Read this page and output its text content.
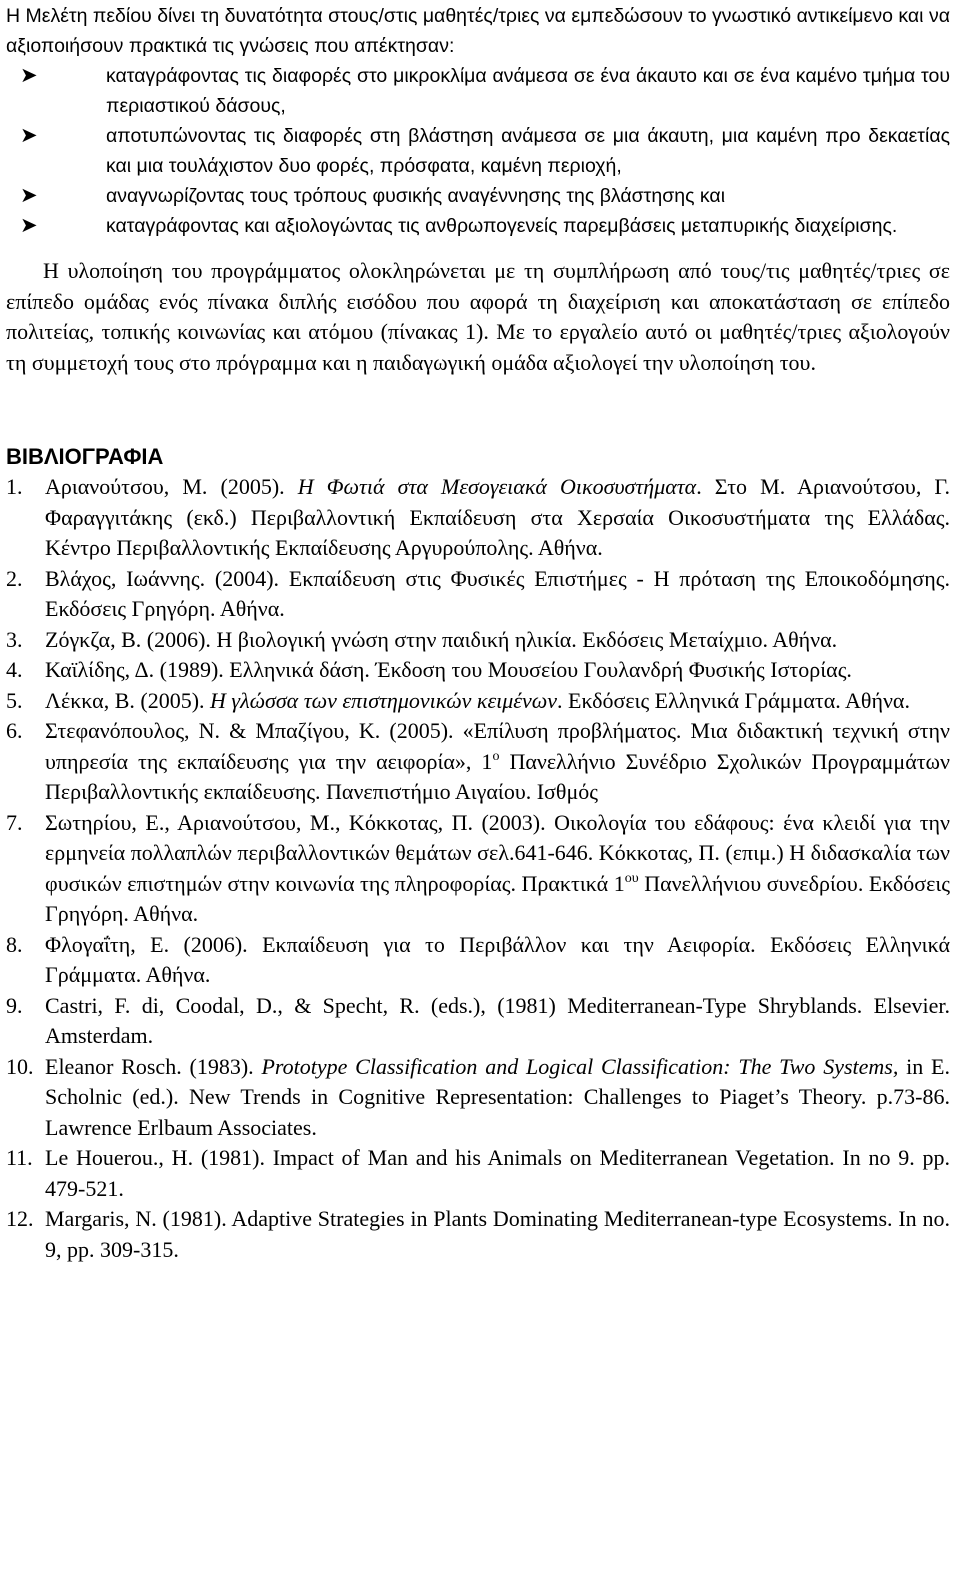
Η Μελέτη πεδίου δίνει τη δυνατότητα στους/στις μαθητές/τριες να εμπεδώσουν το γνωστικό αντικείμενο και να αξιοποιήσουν πρακτικά τις γνώσεις που απέκτησαν:

➤	καταγράφοντας τις διαφορές στο μικροκλίμα ανάμεσα σε ένα άκαυτο και σε ένα καμένο τμήμα του περιαστικού δάσους,
➤	αποτυπώνοντας τις διαφορές στη βλάστηση ανάμεσα σε μια άκαυτη, μια καμένη προ δεκαετίας και μια τουλάχιστον δυο φορές, πρόσφατα, καμένη περιοχή,
➤	αναγνωρίζοντας τους τρόπους φυσικής αναγέννησης της βλάστησης και
➤	καταγράφοντας και αξιολογώντας τις ανθρωπογενείς παρεμβάσεις μεταπυρικής διαχείρισης.

Η υλοποίηση του προγράμματος ολοκληρώνεται με τη συμπλήρωση από τους/τις μαθητές/τριες σε επίπεδο ομάδας ενός πίνακα διπλής εισόδου που αφορά τη διαχείριση και αποκατάσταση σε επίπεδο πολιτείας, τοπικής κοινωνίας και ατόμου (πίνακας 1). Με το εργαλείο αυτό οι μαθητές/τριες αξιολογούν τη συμμετοχή τους στο πρόγραμμα και η παιδαγωγική ομάδα αξιολογεί την υλοποίηση του.

ΒΙΒΛΙΟΓΡΑΦΙΑ
1. Αριανούτσου, Μ. (2005). Η Φωτιά στα Μεσογειακά Οικοσυστήματα. Στο Μ. Αριανούτσου, Γ. Φαραγγιτάκης (εκδ.) Περιβαλλοντική Εκπαίδευση στα Χερσαία Οικοσυστήματα της Ελλάδας. Κέντρο Περιβαλλοντικής Εκπαίδευσης Αργυρούπολης. Αθήνα.
2. Βλάχος, Ιωάννης. (2004). Εκπαίδευση στις Φυσικές Επιστήμες - Η πρόταση της Εποικοδόμησης. Εκδόσεις Γρηγόρη. Αθήνα.
3. Ζόγκζα, Β. (2006). Η βιολογική γνώση στην παιδική ηλικία. Εκδόσεις Μεταίχμιο. Αθήνα.
4. Καϊλίδης, Δ. (1989). Ελληνικά δάση. Έκδοση του Μουσείου Γουλανδρή Φυσικής Ιστορίας.
5. Λέκκα, Β. (2005). Η γλώσσα των επιστημονικών κειμένων. Εκδόσεις Ελληνικά Γράμματα. Αθήνα.
6. Στεφανόπουλος, Ν. & Μπαζίγου, Κ. (2005). «Επίλυση προβλήματος. Μια διδακτική τεχνική στην υπηρεσία της εκπαίδευσης για την αειφορία», $1^o$ Πανελλήνιο Συνέδριο Σχολικών Προγραμμάτων Περιβαλλοντικής εκπαίδευσης. Πανεπιστήμιο Αιγαίου. Ισθμός
7. Σωτηρίου, Ε., Αριανούτσου, Μ., Κόκκοτας, Π. (2003). Οικολογία του εδάφους: ένα κλειδί για την ερμηνεία πολλαπλών περιβαλλοντικών θεμάτων σελ.641-646. Κόκκοτας, Π. (επιμ.) Η διδασκαλία των φυσικών επιστημών στην κοινωνία της πληροφορίας. Πρακτικά $1^{o\upsilon}$ Πανελλήνιου συνεδρίου. Εκδόσεις Γρηγόρη. Αθήνα.
8. Φλογαΐτη, Ε. (2006). Εκπαίδευση για το Περιβάλλον και την Αειφορία. Εκδόσεις Ελληνικά Γράμματα. Αθήνα.
9. Castri, F. di, Coodal, D., & Specht, R. (eds.), (1981) Mediterranean-Type Shryblands. Elsevier. Amsterdam.
10. Eleanor Rosch. (1983). Prototype Classification and Logical Classification: The Two Systems, in E. Scholnic (ed.). New Trends in Cognitive Representation: Challenges to Piaget’s Theory. p.73-86. Lawrence Erlbaum Associates.
11. Le Houerou., H. (1981). Impact of Man and his Animals on Mediterranean Vegetation. In no 9. pp. 479-521.
12. Margaris, N. (1981). Adaptive Strategies in Plants Dominating Mediterranean-type Ecosystems. In no. 9, pp. 309-315.
